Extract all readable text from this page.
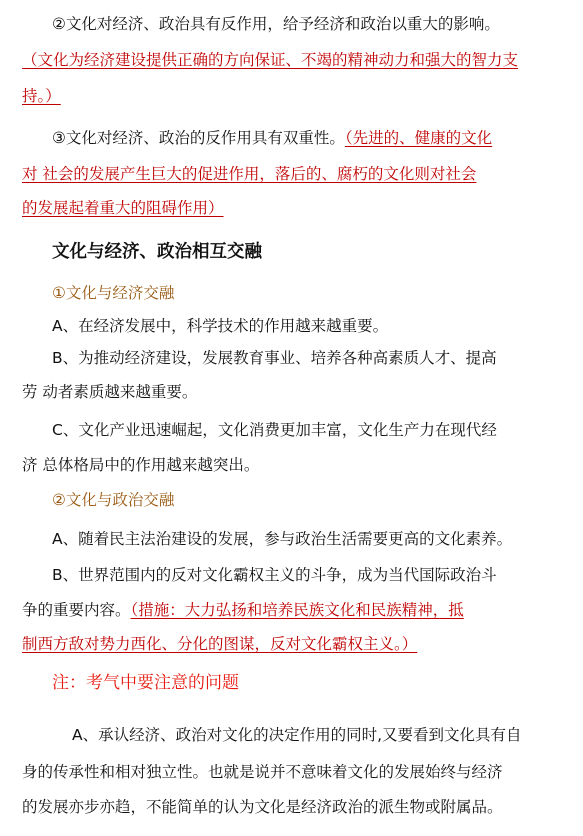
②文化对经济、政治具有反作用，给予经济和政治以重大的影响。
（文化为经济建设提供正确的方向保证、不竭的精神动力和强大的智力支
持。）
③文化对经济、政治的反作用具有双重性。（先进的、健康的文化
对 社会的发展产生巨大的促进作用，落后的、腐朽的文化则对社会
的发展起着重大的阻碍作用）
文化与经济、政治相互交融
①文化与经济交融
A、在经济发展中，科学技术的作用越来越重要。
B、为推动经济建设，发展教育事业、培养各种高素质人才、提高
劳 动者素质越来越重要。
C、文化产业迅速崛起，文化消费更加丰富，文化生产力在现代经
济 总体格局中的作用越来越突出。
②文化与政治交融
A、随着民主法治建设的发展，参与政治生活需要更高的文化素养。
B、世界范围内的反对文化霸权主义的斗争，成为当代国际政治斗
争的重要内容。（措施：大力弘扬和培养民族文化和民族精神，抵
制西方敌对势力西化、分化的图谋，反对文化霸权主义。）
注：考气中要注意的问题
A、承认经济、政治对文化的决定作用的同时,又要看到文化具有自
身的传承性和相对独立性。也就是说并不意味着文化的发展始终与经济
的发展亦步亦趋，不能简单的认为文化是经济政治的派生物或附属品。
